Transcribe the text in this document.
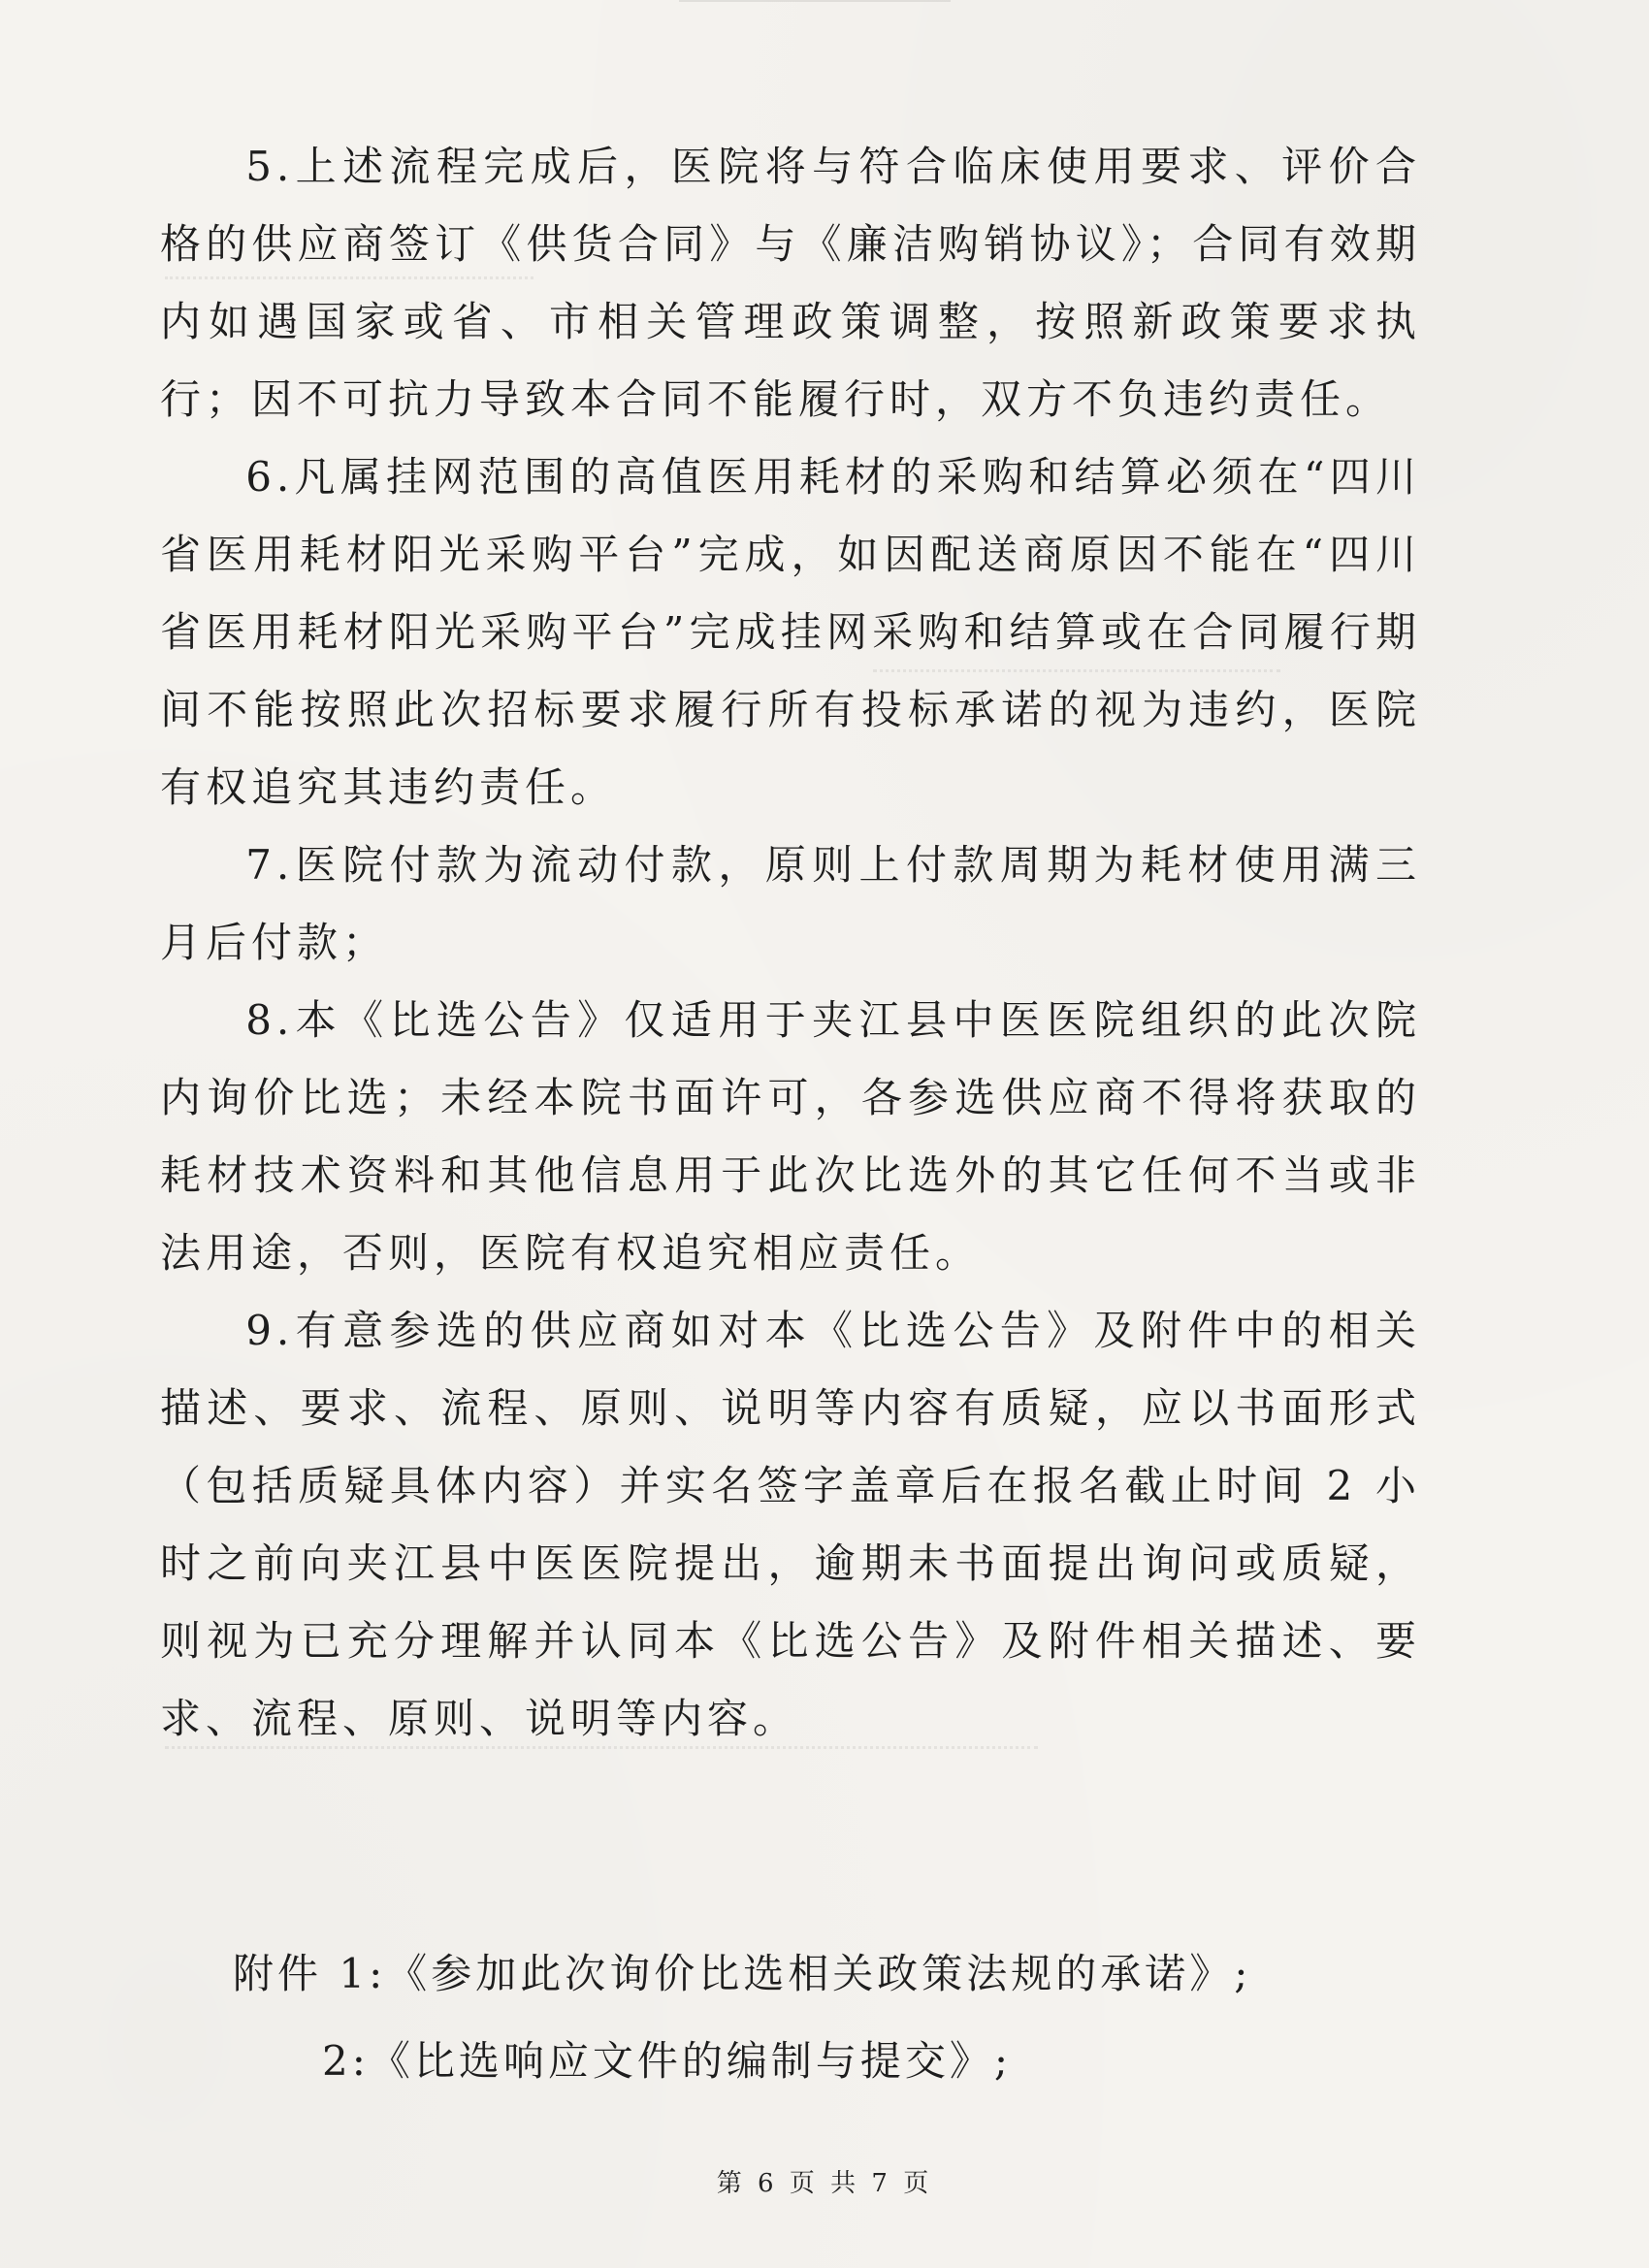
5.上述流程完成后，医院将与符合临床使用要求、评价合格的供应商签订《供货合同》与《廉洁购销协议》；合同有效期内如遇国家或省、市相关管理政策调整，按照新政策要求执行；因不可抗力导致本合同不能履行时，双方不负违约责任。

6.凡属挂网范围的高值医用耗材的采购和结算必须在“四川省医用耗材阳光采购平台”完成，如因配送商原因不能在“四川省医用耗材阳光采购平台”完成挂网采购和结算或在合同履行期间不能按照此次招标要求履行所有投标承诺的视为违约，医院有权追究其违约责任。

7.医院付款为流动付款，原则上付款周期为耗材使用满三月后付款；

8.本《比选公告》仅适用于夹江县中医医院组织的此次院内询价比选；未经本院书面许可，各参选供应商不得将获取的耗材技术资料和其他信息用于此次比选外的其它任何不当或非法用途，否则，医院有权追究相应责任。

9.有意参选的供应商如对本《比选公告》及附件中的相关描述、要求、流程、原则、说明等内容有质疑，应以书面形式（包括质疑具体内容）并实名签字盖章后在报名截止时间 2 小时之前向夹江县中医医院提出，逾期未书面提出询问或质疑，则视为已充分理解并认同本《比选公告》及附件相关描述、要求、流程、原则、说明等内容。

附件 1:《参加此次询价比选相关政策法规的承诺》;
2:《比选响应文件的编制与提交》;
第 6 页 共 7 页
